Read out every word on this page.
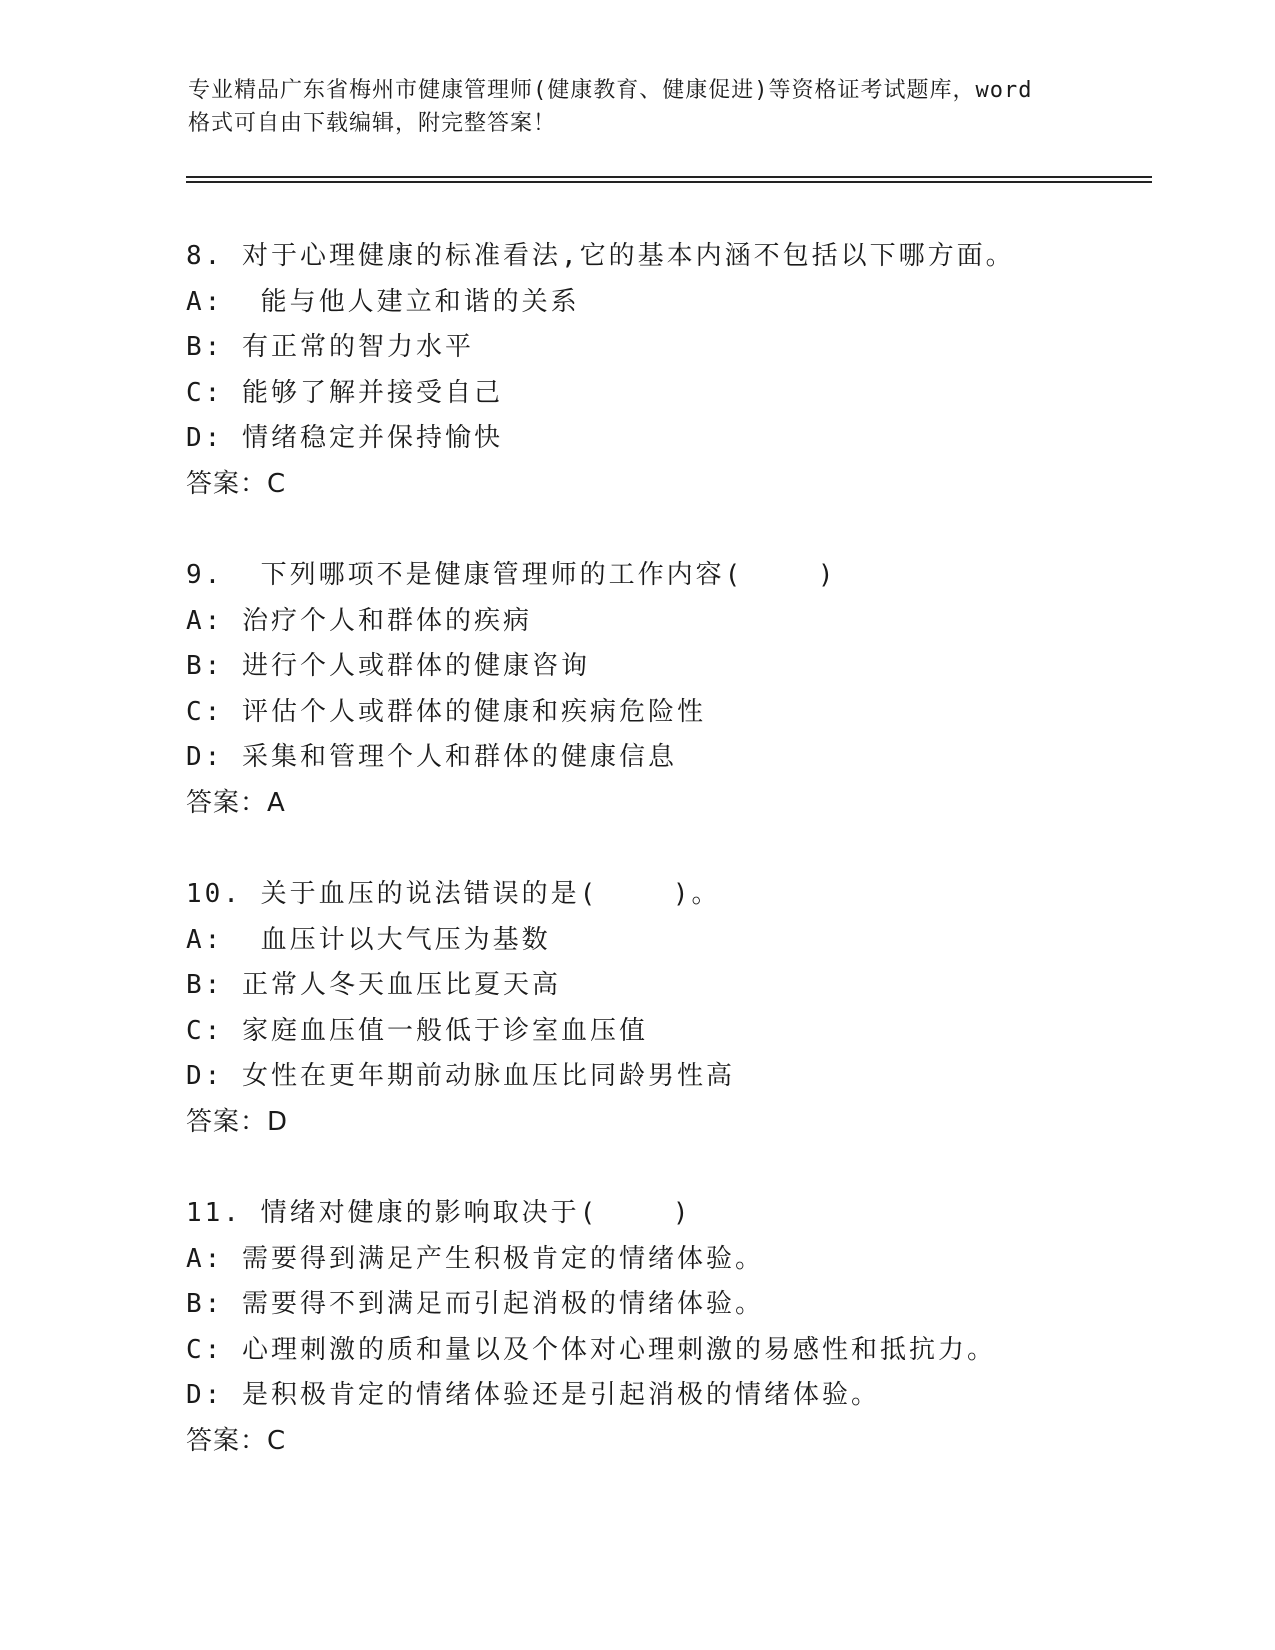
专业精品广东省梅州市健康管理师(健康教育、健康促进)等资格证考试题库，word
格式可自由下载编辑，附完整答案！
8. 对于心理健康的标准看法,它的基本内涵不包括以下哪方面。
A:  能与他人建立和谐的关系
B: 有正常的智力水平
C: 能够了解并接受自己
D: 情绪稳定并保持愉快
答案：C
9.  下列哪项不是健康管理师的工作内容(    )
A: 治疗个人和群体的疾病
B: 进行个人或群体的健康咨询
C: 评估个人或群体的健康和疾病危险性
D: 采集和管理个人和群体的健康信息
答案：A
10. 关于血压的说法错误的是(    )。
A:  血压计以大气压为基数
B: 正常人冬天血压比夏天高
C: 家庭血压值一般低于诊室血压值
D: 女性在更年期前动脉血压比同龄男性高
答案：D
11. 情绪对健康的影响取决于(    )
A: 需要得到满足产生积极肯定的情绪体验。
B: 需要得不到满足而引起消极的情绪体验。
C: 心理刺激的质和量以及个体对心理刺激的易感性和抵抗力。
D: 是积极肯定的情绪体验还是引起消极的情绪体验。
答案：C
